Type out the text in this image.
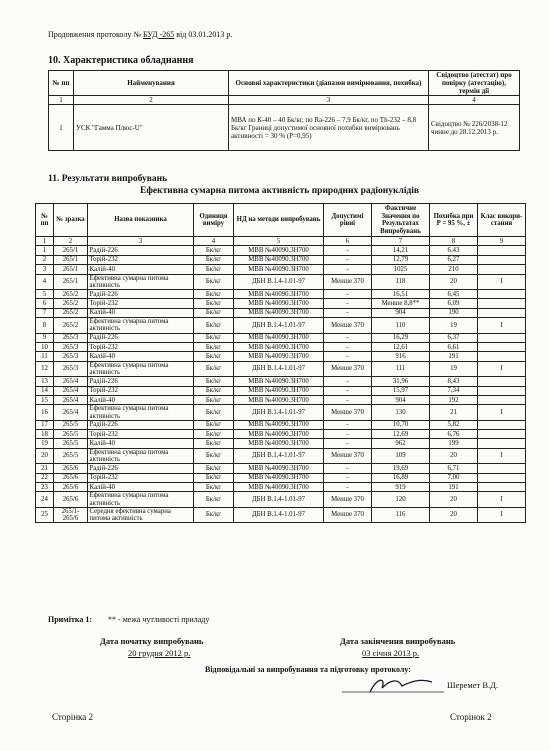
Продовження протоколу № БУД -265 від 03.01.2013 р.
10. Характеристика обладнання
№ пп	Найменування	Основні характеристики (діапазон вимірювання, похибка)	Свідоцтво (атестат) про повірку (атестацію), термін дії
1	2	3	4
1	УСК "Гамма Плюс-U"	МВА по К-40 – 40 Бк/кг, по Ra-226 – 7,9 Бк/кг, по Th-232 – 8,8 Бк/кг Границі допустимої основної похибки вимірювань активності = 30 % (Р=0,95)	Свідоцтво № 226/2038-12 чинне до 28.12.2013 р.
11. Результати випробувань
Ефективна сумарна питома активність природних радіонуклідів
№ пп	№ зразка	Назва показника	Одиниця виміру	НД на методи випробувань	Допустимі рівні	Фактичне Значення по Результатах Випробувань	Похибка при Р = 95 %, ±	Клас викори-стання
1	2	3	4	5	6	7	8	9
1	265/1	Радій-226	Бк/кг	МВВ №40090.3Н700	-	14,21	6,43	
2	265/1	Торій-232	Бк/кг	МВВ №40090.3Н700	-	12,79	6,27	
3	265/1	Калій-40	Бк/кг	МВВ №40090.3Н700	-	1025	210	
4	265/1	Ефективна сумарна питома активність	Бк/кг	ДБН В.1.4-1.01-97	Менше 370	118	20	I
5	265/2	Радій-226	Бк/кг	МВВ №40090.3Н700	-	16,51	6,45	
6	265/2	Торій-232	Бк/кг	МВВ №40090.3Н700	-	Менше 8,8**	6,09	
7	265/2	Калій-40	Бк/кг	МВВ №40090.3Н700	-	904	190	
8	265/2	Ефективна сумарна питома активність	Бк/кг	ДБН В.1.4-1.01-97	Менше 370	110	19	I
9	265/3	Радій-226	Бк/кг	МВВ №40090.3Н700	-	16,29	6,37	
10	265/3	Торій-232	Бк/кг	МВВ №40090.3Н700	-	12,61	6,61	
11	265/3	Калій-40	Бк/кг	МВВ №40090.3Н700	-	916	191	
12	265/3	Ефективна сумарна питома активність	Бк/кг	ДБН В.1.4-1.01-97	Менше 370	111	19	I
13	265/4	Радій-226	Бк/кг	МВВ №40090.3Н700	-	31,96	8,43	
14	265/4	Торій-232	Бк/кг	МВВ №40090.3Н700	-	15,97	7,34	
15	265/4	Калій-40	Бк/кг	МВВ №40090.3Н700	-	904	192	
16	265/4	Ефективна сумарна питома активність	Бк/кг	ДБН В.1.4-1.01-97	Менше 370	130	21	I
17	265/5	Радій-226	Бк/кг	МВВ №40090.3Н700	-	10,70	5,82	
18	265/5	Торій-232	Бк/кг	МВВ №40090.3Н700	-	12,69	6,76	
19	265/5	Калій-40	Бк/кг	МВВ №40090.3Н700	-	962	199	
20	265/5	Ефективна сумарна питома активність	Бк/кг	ДБН В.1.4-1.01-97	Менше 370	109	20	I
21	265/6	Радій-226	Бк/кг	МВВ №40090.3Н700	-	19,69	6,71	
22	265/6	Торій-232	Бк/кг	МВВ №40090.3Н700	-	16,89	7,00	
23	265/6	Калій-40	Бк/кг	МВВ №40090.3Н700	-	919	191	
24	265/6	Ефективна сумарна питома активність	Бк/кг	ДБН В.1.4-1.01-97	Менше 370	120	20	I
25	265/1-265/6	Середня ефективна сумарна питома активність	Бк/кг	ДБН В.1.4-1.01-97	Менше 370	116	20	I
Примітка 1: ** - межа чутливості приладу
Дата початку випробувань
20 грудня 2012 р.
Дата закінчення випробувань
03 січня 2013 р.
Відповідальні за випробування та підготовку протоколу:
Шеремет В.Д.
Сторінка 2	Сторінок 2
